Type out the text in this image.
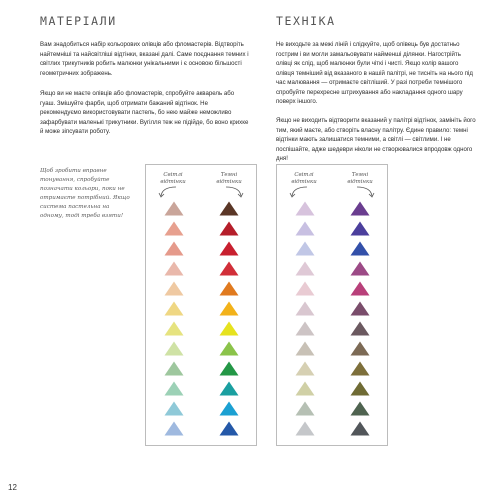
МАТЕРІАЛИ

Вам знадобиться набір кольорових олівців або фломастерів. Відтворіть найтемніші та найсвітліші відтінки, вказані далі. Саме поєднання темних і світлих трикутників робить малюнки унікальними і є основою більшості геометричних зображень.

Якщо ви не маєте олівців або фломастерів, спробуйте акварель або гуаш. Змішуйте фарби, щоб отримати бажаний відтінок. Не рекомендуємо використовувати пастель, бо нею майже неможливо зафарбувати маленькі трикутники. Вугілля теж не підійде, бо воно крихке й може зіпсувати роботу.

ТЕХНІКА

Не виходьте за межі ліній і слідкуйте, щоб олівець був достатньо гострим і ви могли замальовувати найменші ділянки. Нагострійть олівці як слід, щоб малюнки були чіткі і чисті. Якщо колір вашого олівця темніший від вказаного в нашій палітрі, не тисніть на нього під час малювання — отримаєте світліший. У разі потреби темнішого спробуйте перехресне штрихування або накладання одного шару поверх іншого.

Якщо не виходить відтворити вказаний у палітрі відтінок, замініть його тим, який маєте, або створіть власну палітру. Єдине правило: темні відтінки мають залишатися темними, а світлі — світлими. І не поспішайте, адже шедеври ніколи не створювалися впродовж одного дня!

Щоб зробити вправне тонування, спробуйте позначати кольори, поки не отримаєте потрібний. Якщо система пастельна на одному, тоді треба взяти!

Світлі відтінки
Темні відтінки
Світлі відтінки
Темні відтінки
12
